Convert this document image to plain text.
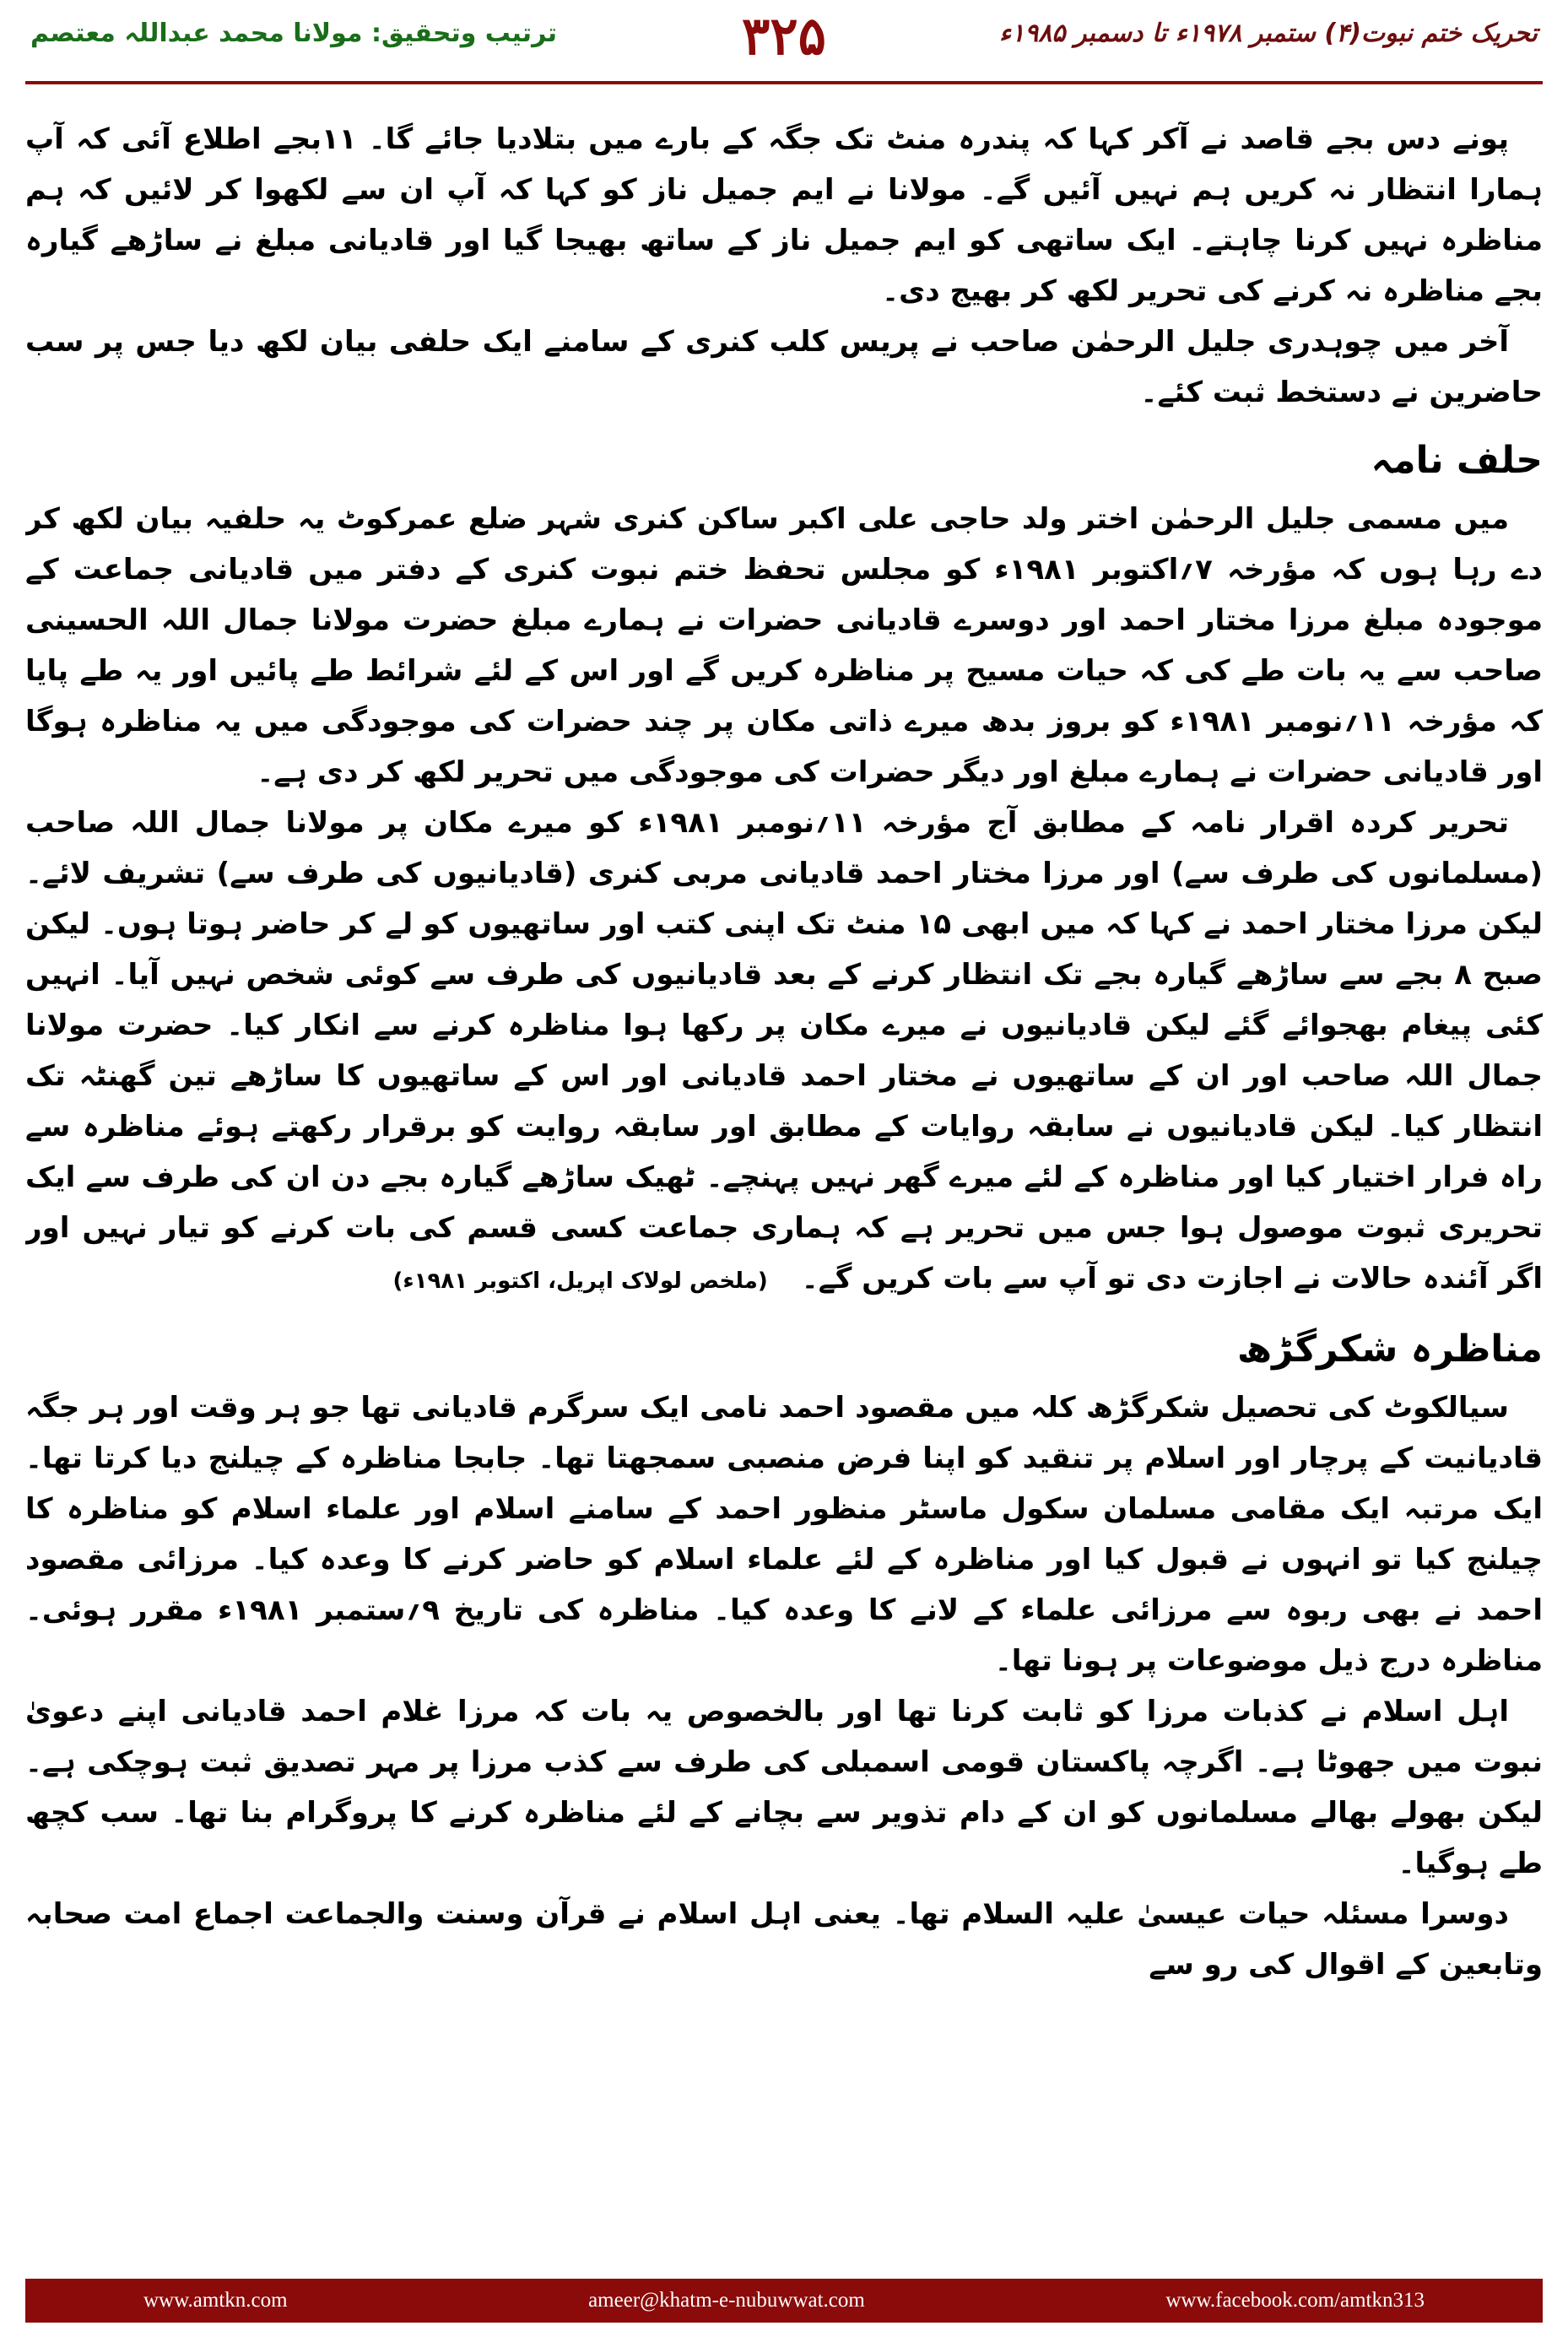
تحریک ختم نبوت(۴) ستمبر ۱۹۷۸ء تا دسمبر ۱۹۸۵ء
۳۲۵
ترتیب وتحقیق: مولانا محمد عبداللہ معتصم

پونے دس بجے قاصد نے آکر کہا کہ پندرہ منٹ تک جگہ کے بارے میں بتلادیا جائے گا۔ ۱۱بجے اطلاع آئی کہ آپ ہمارا انتظار نہ کریں ہم نہیں آئیں گے۔ مولانا نے ایم جمیل ناز کو کہا کہ آپ ان سے لکھوا کر لائیں کہ ہم مناظرہ نہیں کرنا چاہتے۔ ایک ساتھی کو ایم جمیل ناز کے ساتھ بھیجا گیا اور قادیانی مبلغ نے ساڑھے گیارہ بجے مناظرہ نہ کرنے کی تحریر لکھ کر بھیج دی۔

آخر میں چوہدری جلیل الرحمٰن صاحب نے پریس کلب کنری کے سامنے ایک حلفی بیان لکھ دیا جس پر سب حاضرین نے دستخط ثبت کئے۔

حلف نامہ

میں مسمی جلیل الرحمٰن اختر ولد حاجی علی اکبر ساکن کنری شہر ضلع عمرکوٹ یہ حلفیہ بیان لکھ کر دے رہا ہوں کہ مؤرخہ ۷؍اکتوبر ۱۹۸۱ء کو مجلس تحفظ ختم نبوت کنری کے دفتر میں قادیانی جماعت کے موجودہ مبلغ مرزا مختار احمد اور دوسرے قادیانی حضرات نے ہمارے مبلغ حضرت مولانا جمال اللہ الحسینی صاحب سے یہ بات طے کی کہ حیات مسیح پر مناظرہ کریں گے اور اس کے لئے شرائط طے پائیں اور یہ طے پایا کہ مؤرخہ ۱۱؍نومبر ۱۹۸۱ء کو بروز بدھ میرے ذاتی مکان پر چند حضرات کی موجودگی میں یہ مناظرہ ہوگا اور قادیانی حضرات نے ہمارے مبلغ اور دیگر حضرات کی موجودگی میں تحریر لکھ کر دی ہے۔

تحریر کردہ اقرار نامہ کے مطابق آج مؤرخہ ۱۱؍نومبر ۱۹۸۱ء کو میرے مکان پر مولانا جمال اللہ صاحب (مسلمانوں کی طرف سے) اور مرزا مختار احمد قادیانی مربی کنری (قادیانیوں کی طرف سے) تشریف لائے۔ لیکن مرزا مختار احمد نے کہا کہ میں ابھی ۱۵ منٹ تک اپنی کتب اور ساتھیوں کو لے کر حاضر ہوتا ہوں۔ لیکن صبح ۸ بجے سے ساڑھے گیارہ بجے تک انتظار کرنے کے بعد قادیانیوں کی طرف سے کوئی شخص نہیں آیا۔ انہیں کئی پیغام بھجوائے گئے لیکن قادیانیوں نے میرے مکان پر رکھا ہوا مناظرہ کرنے سے انکار کیا۔ حضرت مولانا جمال اللہ صاحب اور ان کے ساتھیوں نے مختار احمد قادیانی اور اس کے ساتھیوں کا ساڑھے تین گھنٹہ تک انتظار کیا۔ لیکن قادیانیوں نے سابقہ روایات کے مطابق اور سابقہ روایت کو برقرار رکھتے ہوئے مناظرہ سے راہ فرار اختیار کیا اور مناظرہ کے لئے میرے گھر نہیں پہنچے۔ ٹھیک ساڑھے گیارہ بجے دن ان کی طرف سے ایک تحریری ثبوت موصول ہوا جس میں تحریر ہے کہ ہماری جماعت کسی قسم کی بات کرنے کو تیار نہیں اور اگر آئندہ حالات نے اجازت دی تو آپ سے بات کریں گے۔(ملخص لولاک اپریل، اکتوبر ۱۹۸۱ء)

مناظرہ شکرگڑھ

سیالکوٹ کی تحصیل شکرگڑھ کلہ میں مقصود احمد نامی ایک سرگرم قادیانی تھا جو ہر وقت اور ہر جگہ قادیانیت کے پرچار اور اسلام پر تنقید کو اپنا فرض منصبی سمجھتا تھا۔ جابجا مناظرہ کے چیلنج دیا کرتا تھا۔ ایک مرتبہ ایک مقامی مسلمان سکول ماسٹر منظور احمد کے سامنے اسلام اور علماء اسلام کو مناظرہ کا چیلنج کیا تو انہوں نے قبول کیا اور مناظرہ کے لئے علماء اسلام کو حاضر کرنے کا وعدہ کیا۔ مرزائی مقصود احمد نے بھی ربوہ سے مرزائی علماء کے لانے کا وعدہ کیا۔ مناظرہ کی تاریخ ۹؍ستمبر ۱۹۸۱ء مقرر ہوئی۔ مناظرہ درج ذیل موضوعات پر ہونا تھا۔

اہل اسلام نے کذبات مرزا کو ثابت کرنا تھا اور بالخصوص یہ بات کہ مرزا غلام احمد قادیانی اپنے دعویٰ نبوت میں جھوٹا ہے۔ اگرچہ پاکستان قومی اسمبلی کی طرف سے کذب مرزا پر مہر تصدیق ثبت ہوچکی ہے۔ لیکن بھولے بھالے مسلمانوں کو ان کے دام تذویر سے بچانے کے لئے مناظرہ کرنے کا پروگرام بنا تھا۔ سب کچھ طے ہوگیا۔

دوسرا مسئلہ حیات عیسیٰ علیہ السلام تھا۔ یعنی اہل اسلام نے قرآن وسنت والجماعت اجماع امت صحابہ وتابعین کے اقوال کی رو سے

www.amtkn.com	ameer@khatm-e-nubuwwat.com	www.facebook.com/amtkn313
